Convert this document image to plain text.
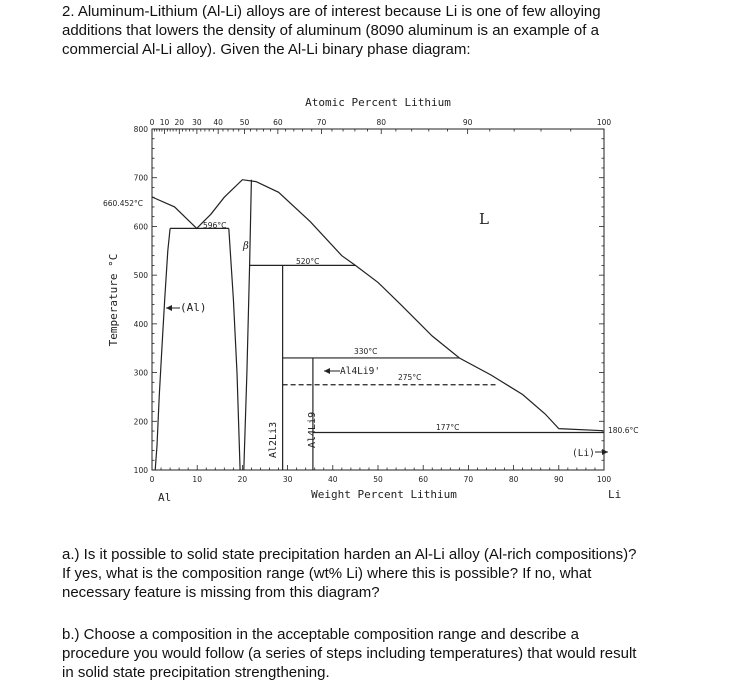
2. Aluminum-Lithium (Al-Li) alloys are of interest because Li is one of few alloying
additions that lowers the density of aluminum (8090 aluminum is an example of a
commercial Al-Li alloy). Given the Al-Li binary phase diagram:
Atomic Percent Lithium
0 10 20 30 40 50	60	70	80	90	100
0	10	20	30	40	50	60	70	80	90	100
Weight Percent Lithium
Al	Li
100
200
300
400
500
600
700
800
Temperature °C
660.452°C
596°C
520°C
330°C
275°C
177°C	180.6°C
L
(Al)
β
Al2Li3	Al4Li9
Al4Li9'
(Li)
a.) Is it possible to solid state precipitation harden an Al-Li alloy (Al-rich compositions)?
If yes, what is the composition range (wt% Li) where this is possible? If no, what
necessary feature is missing from this diagram?
b.) Choose a composition in the acceptable composition range and describe a
procedure you would follow (a series of steps including temperatures) that would result
in solid state precipitation strengthening.
